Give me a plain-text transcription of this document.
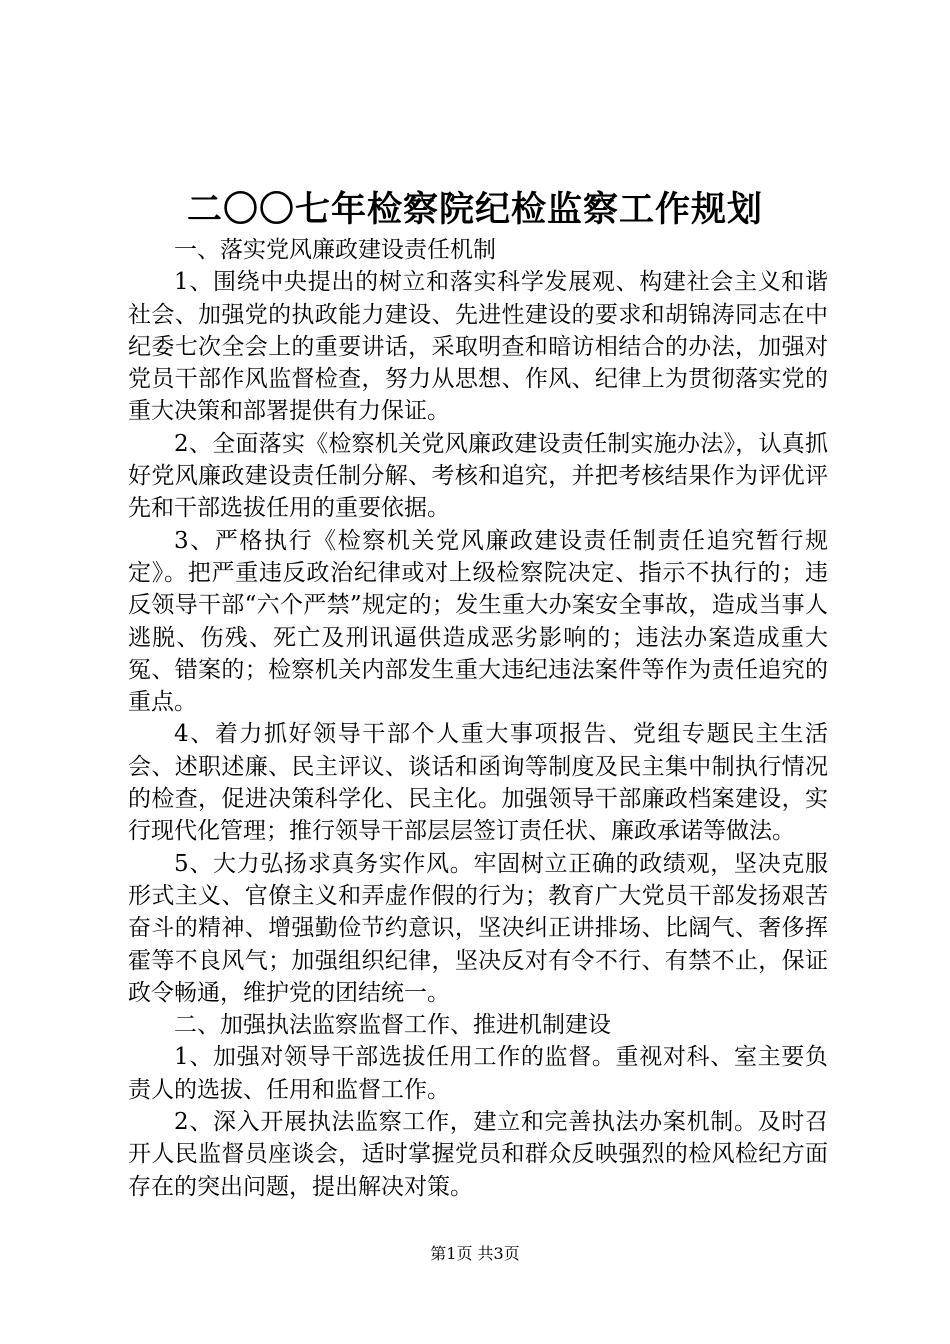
二〇〇七年检察院纪检监察工作规划

一、落实党风廉政建设责任机制

1、围绕中央提出的树立和落实科学发展观、构建社会主义和谐社会、加强党的执政能力建设、先进性建设的要求和胡锦涛同志在中纪委七次全会上的重要讲话，采取明查和暗访相结合的办法，加强对党员干部作风监督检查，努力从思想、作风、纪律上为贯彻落实党的重大决策和部署提供有力保证。

2、全面落实《检察机关党风廉政建设责任制实施办法》，认真抓好党风廉政建设责任制分解、考核和追究，并把考核结果作为评优评先和干部选拔任用的重要依据。

3、严格执行《检察机关党风廉政建设责任制责任追究暂行规定》。把严重违反政治纪律或对上级检察院决定、指示不执行的；违反领导干部“六个严禁”规定的；发生重大办案安全事故，造成当事人逃脱、伤残、死亡及刑讯逼供造成恶劣影响的；违法办案造成重大冤、错案的；检察机关内部发生重大违纪违法案件等作为责任追究的重点。

4、着力抓好领导干部个人重大事项报告、党组专题民主生活会、述职述廉、民主评议、谈话和函询等制度及民主集中制执行情况的检查，促进决策科学化、民主化。加强领导干部廉政档案建设，实行现代化管理；推行领导干部层层签订责任状、廉政承诺等做法。

5、大力弘扬求真务实作风。牢固树立正确的政绩观，坚决克服形式主义、官僚主义和弄虚作假的行为；教育广大党员干部发扬艰苦奋斗的精神、增强勤俭节约意识，坚决纠正讲排场、比阔气、奢侈挥霍等不良风气；加强组织纪律，坚决反对有令不行、有禁不止，保证政令畅通，维护党的团结统一。

二、加强执法监察监督工作、推进机制建设

1、加强对领导干部选拔任用工作的监督。重视对科、室主要负责人的选拔、任用和监督工作。

2、深入开展执法监察工作，建立和完善执法办案机制。及时召开人民监督员座谈会，适时掌握党员和群众反映强烈的检风检纪方面存在的突出问题，提出解决对策。

第1页 共3页
